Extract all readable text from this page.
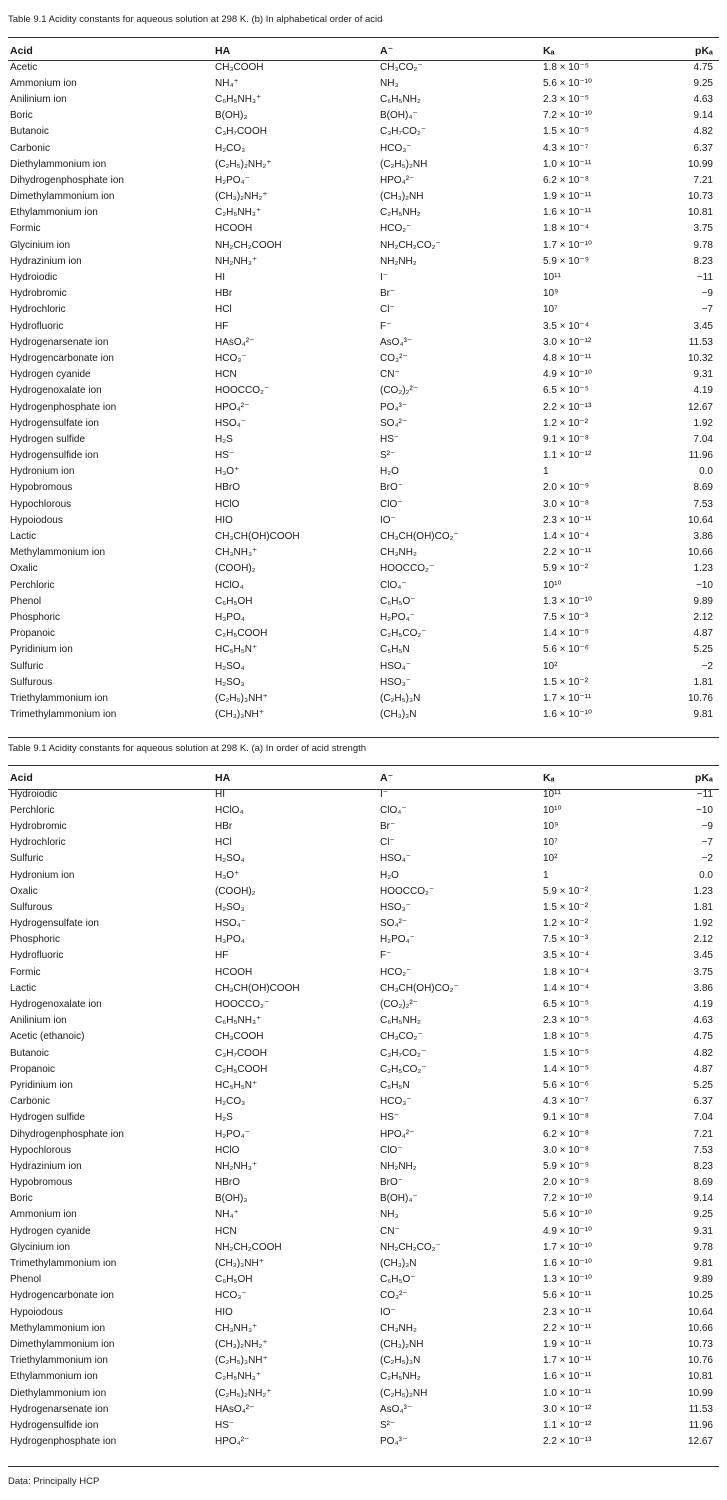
Table 9.1 Acidity constants for aqueous solution at 298 K. (b) In alphabetical order of acid
Acid	HA	A⁻	Kₐ	pKₐ
Acetic	CH₃COOH	CH₃CO₂⁻	1.8 × 10⁻⁵	4.75
Ammonium ion	NH₄⁺	NH₃	5.6 × 10⁻¹⁰	9.25
Anilinium ion	C₆H₅NH₃⁺	C₆H₅NH₂	2.3 × 10⁻⁵	4.63
Boric	B(OH)₃	B(OH)₄⁻	7.2 × 10⁻¹⁰	9.14
Butanoic	C₃H₇COOH	C₃H₇CO₂⁻	1.5 × 10⁻⁵	4.82
Carbonic	H₂CO₃	HCO₃⁻	4.3 × 10⁻⁷	6.37
Diethylammonium ion	(C₂H₅)₂NH₂⁺	(C₂H₅)₂NH	1.0 × 10⁻¹¹	10.99
Dihydrogenphosphate ion	H₂PO₄⁻	HPO₄²⁻	6.2 × 10⁻⁸	7.21
Dimethylammonium ion	(CH₃)₂NH₂⁺	(CH₃)₂NH	1.9 × 10⁻¹¹	10.73
Ethylammonium ion	C₂H₅NH₃⁺	C₂H₅NH₂	1.6 × 10⁻¹¹	10.81
Formic	HCOOH	HCO₂⁻	1.8 × 10⁻⁴	3.75
Glycinium ion	NH₂CH₂COOH	NH₂CH₂CO₂⁻	1.7 × 10⁻¹⁰	9.78
Hydrazinium ion	NH₂NH₃⁺	NH₂NH₂	5.9 × 10⁻⁹	8.23
Hydroiodic	HI	I⁻	10¹¹	−11
Hydrobromic	HBr	Br⁻	10⁹	−9
Hydrochloric	HCl	Cl⁻	10⁷	−7
Hydrofluoric	HF	F⁻	3.5 × 10⁻⁴	3.45
Hydrogenarsenate ion	HAsO₄²⁻	AsO₄³⁻	3.0 × 10⁻¹²	11.53
Hydrogencarbonate ion	HCO₃⁻	CO₃²⁻	4.8 × 10⁻¹¹	10.32
Hydrogen cyanide	HCN	CN⁻	4.9 × 10⁻¹⁰	9.31
Hydrogenoxalate ion	HOOCCO₂⁻	(CO₂)₂²⁻	6.5 × 10⁻⁵	4.19
Hydrogenphosphate ion	HPO₄²⁻	PO₄³⁻	2.2 × 10⁻¹³	12.67
Hydrogensulfate ion	HSO₄⁻	SO₄²⁻	1.2 × 10⁻²	1.92
Hydrogen sulfide	H₂S	HS⁻	9.1 × 10⁻⁸	7.04
Hydrogensulfide ion	HS⁻	S²⁻	1.1 × 10⁻¹²	11.96
Hydronium ion	H₃O⁺	H₂O	1	0.0
Hypobromous	HBrO	BrO⁻	2.0 × 10⁻⁹	8.69
Hypochlorous	HClO	ClO⁻	3.0 × 10⁻⁸	7.53
Hypoiodous	HIO	IO⁻	2.3 × 10⁻¹¹	10.64
Lactic	CH₃CH(OH)COOH	CH₃CH(OH)CO₂⁻	1.4 × 10⁻⁴	3.86
Methylammonium ion	CH₃NH₃⁺	CH₃NH₂	2.2 × 10⁻¹¹	10.66
Oxalic	(COOH)₂	HOOCCO₂⁻	5.9 × 10⁻²	1.23
Perchloric	HClO₄	ClO₄⁻	10¹⁰	−10
Phenol	C₆H₅OH	C₆H₅O⁻	1.3 × 10⁻¹⁰	9.89
Phosphoric	H₃PO₄	H₂PO₄⁻	7.5 × 10⁻³	2.12
Propanoic	C₂H₅COOH	C₂H₅CO₂⁻	1.4 × 10⁻⁵	4.87
Pyridinium ion	HC₅H₅N⁺	C₅H₅N	5.6 × 10⁻⁶	5.25
Sulfuric	H₂SO₄	HSO₄⁻	10²	−2
Sulfurous	H₂SO₃	HSO₃⁻	1.5 × 10⁻²	1.81
Triethylammonium ion	(C₂H₅)₃NH⁺	(C₂H₅)₃N	1.7 × 10⁻¹¹	10.76
Trimethylammonium ion	(CH₃)₃NH⁺	(CH₃)₃N	1.6 × 10⁻¹⁰	9.81
Table 9.1 Acidity constants for aqueous solution at 298 K. (a) In order of acid strength
Acid	HA	A⁻	Kₐ	pKₐ
Hydroiodic	HI	I⁻	10¹¹	−11
Perchloric	HClO₄	ClO₄⁻	10¹⁰	−10
Hydrobromic	HBr	Br⁻	10⁹	−9
Hydrochloric	HCl	Cl⁻	10⁷	−7
Sulfuric	H₂SO₄	HSO₄⁻	10²	−2
Hydronium ion	H₃O⁺	H₂O	1	0.0
Oxalic	(COOH)₂	HOOCCO₂⁻	5.9 × 10⁻²	1.23
Sulfurous	H₂SO₃	HSO₃⁻	1.5 × 10⁻²	1.81
Hydrogensulfate ion	HSO₄⁻	SO₄²⁻	1.2 × 10⁻²	1.92
Phosphoric	H₃PO₄	H₂PO₄⁻	7.5 × 10⁻³	2.12
Hydrofluoric	HF	F⁻	3.5 × 10⁻⁴	3.45
Formic	HCOOH	HCO₂⁻	1.8 × 10⁻⁴	3.75
Lactic	CH₃CH(OH)COOH	CH₃CH(OH)CO₂⁻	1.4 × 10⁻⁴	3.86
Hydrogenoxalate ion	HOOCCO₂⁻	(CO₂)₂²⁻	6.5 × 10⁻⁵	4.19
Anilinium ion	C₆H₅NH₃⁺	C₆H₅NH₂	2.3 × 10⁻⁵	4.63
Acetic (ethanoic)	CH₃COOH	CH₃CO₂⁻	1.8 × 10⁻⁵	4.75
Butanoic	C₃H₇COOH	C₃H₇CO₂⁻	1.5 × 10⁻⁵	4.82
Propanoic	C₂H₅COOH	C₂H₅CO₂⁻	1.4 × 10⁻⁵	4.87
Pyridinium ion	HC₅H₅N⁺	C₅H₅N	5.6 × 10⁻⁶	5.25
Carbonic	H₂CO₃	HCO₃⁻	4.3 × 10⁻⁷	6.37
Hydrogen sulfide	H₂S	HS⁻	9.1 × 10⁻⁸	7.04
Dihydrogenphosphate ion	H₂PO₄⁻	HPO₄²⁻	6.2 × 10⁻⁸	7.21
Hypochlorous	HClO	ClO⁻	3.0 × 10⁻⁸	7.53
Hydrazinium ion	NH₂NH₃⁺	NH₂NH₂	5.9 × 10⁻⁹	8.23
Hypobromous	HBrO	BrO⁻	2.0 × 10⁻⁹	8.69
Boric	B(OH)₃	B(OH)₄⁻	7.2 × 10⁻¹⁰	9.14
Ammonium ion	NH₄⁺	NH₃	5.6 × 10⁻¹⁰	9.25
Hydrogen cyanide	HCN	CN⁻	4.9 × 10⁻¹⁰	9.31
Glycinium ion	NH₂CH₂COOH	NH₂CH₂CO₂⁻	1.7 × 10⁻¹⁰	9.78
Trimethylammonium ion	(CH₃)₃NH⁺	(CH₃)₃N	1.6 × 10⁻¹⁰	9.81
Phenol	C₆H₅OH	C₆H₅O⁻	1.3 × 10⁻¹⁰	9.89
Hydrogencarbonate ion	HCO₃⁻	CO₃²⁻	5.6 × 10⁻¹¹	10.25
Hypoiodous	HIO	IO⁻	2.3 × 10⁻¹¹	10.64
Methylammonium ion	CH₃NH₃⁺	CH₃NH₂	2.2 × 10⁻¹¹	10.66
Dimethylammonium ion	(CH₃)₂NH₂⁺	(CH₃)₂NH	1.9 × 10⁻¹¹	10.73
Triethylammonium ion	(C₂H₅)₃NH⁺	(C₂H₅)₃N	1.7 × 10⁻¹¹	10.76
Ethylammonium ion	C₂H₅NH₃⁺	C₂H₅NH₂	1.6 × 10⁻¹¹	10.81
Diethylammonium ion	(C₂H₅)₂NH₂⁺	(C₂H₅)₂NH	1.0 × 10⁻¹¹	10.99
Hydrogenarsenate ion	HAsO₄²⁻	AsO₄³⁻	3.0 × 10⁻¹²	11.53
Hydrogensulfide ion	HS⁻	S²⁻	1.1 × 10⁻¹²	11.96
Hydrogenphosphate ion	HPO₄²⁻	PO₄³⁻	2.2 × 10⁻¹³	12.67
Data: Principally HCP
